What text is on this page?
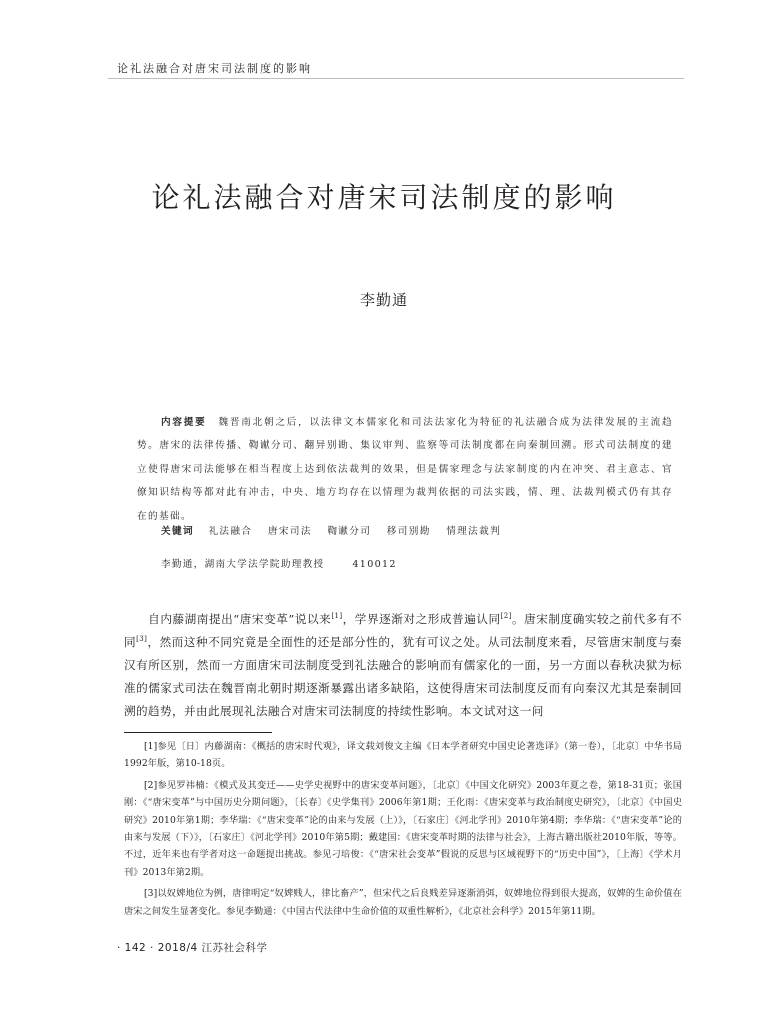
论礼法融合对唐宋司法制度的影响
论礼法融合对唐宋司法制度的影响
李勤通
内容提要 魏晋南北朝之后，以法律文本儒家化和司法法家化为特征的礼法融合成为法律发展的主流趋势。唐宋的法律传播、鞫谳分司、翻异别勘、集议审判、监察等司法制度都在向秦制回溯。形式司法制度的建立使得唐宋司法能够在相当程度上达到依法裁判的效果，但是儒家理念与法家制度的内在冲突、君主意志、官僚知识结构等都对此有冲击，中央、地方均存在以情理为裁判依据的司法实践，情、理、法裁判模式仍有其存在的基础。
关键词 礼法融合 唐宋司法 鞫谳分司 移司别勘 情理法裁判
李勤通，湖南大学法学院助理教授	410012
自内藤湖南提出“唐宋变革”说以来[1]，学界逐渐对之形成普遍认同[2]。唐宋制度确实较之前代多有不同[3]，然而这种不同究竟是全面性的还是部分性的，犹有可议之处。从司法制度来看，尽管唐宋制度与秦汉有所区别，然而一方面唐宋司法制度受到礼法融合的影响而有儒家化的一面，另一方面以春秋决狱为标准的儒家式司法在魏晋南北朝时期逐渐暴露出诸多缺陷，这使得唐宋司法制度反而有向秦汉尤其是秦制回溯的趋势，并由此展现礼法融合对唐宋司法制度的持续性影响。本文试对这一问

[1]参见〔日〕内藤湖南：《概括的唐宋时代观》，译文载刘俊文主编《日本学者研究中国史论著选译》（第一卷），〔北京〕中华书局1992年版，第10-18页。

[2]参见罗祎楠：《模式及其变迁——史学史视野中的唐宋变革问题》，〔北京〕《中国文化研究》2003年夏之卷，第18-31页；张国刚：《“唐宋变革”与中国历史分期问题》，〔长春〕《史学集刊》2006年第1期；王化雨：《唐宋变革与政治制度史研究》，〔北京〕《中国史研究》2010年第1期；李华瑞：《“唐宋变革”论的由来与发展（上）》，〔石家庄〕《河北学刊》2010年第4期；李华瑞：《“唐宋变革”论的由来与发展（下）》，〔石家庄〕《河北学刊》2010年第5期；戴建国：《唐宋变革时期的法律与社会》，上海古籍出版社2010年版，等等。不过，近年来也有学者对这一命题提出挑战。参见刁培俊：《“唐宋社会变革”假说的反思与区域视野下的“历史中国”》，〔上海〕《学术月刊》2013年第2期。

[3]以奴婢地位为例，唐律明定“奴婢贱人，律比畜产”，但宋代之后良贱差异逐渐消弭，奴婢地位得到很大提高，奴婢的生命价值在唐宋之间发生显著变化。参见李勤通：《中国古代法律中生命价值的双重性解析》，《北京社会科学》2015年第11期。

· 142 · 2018/4 江苏社会科学
